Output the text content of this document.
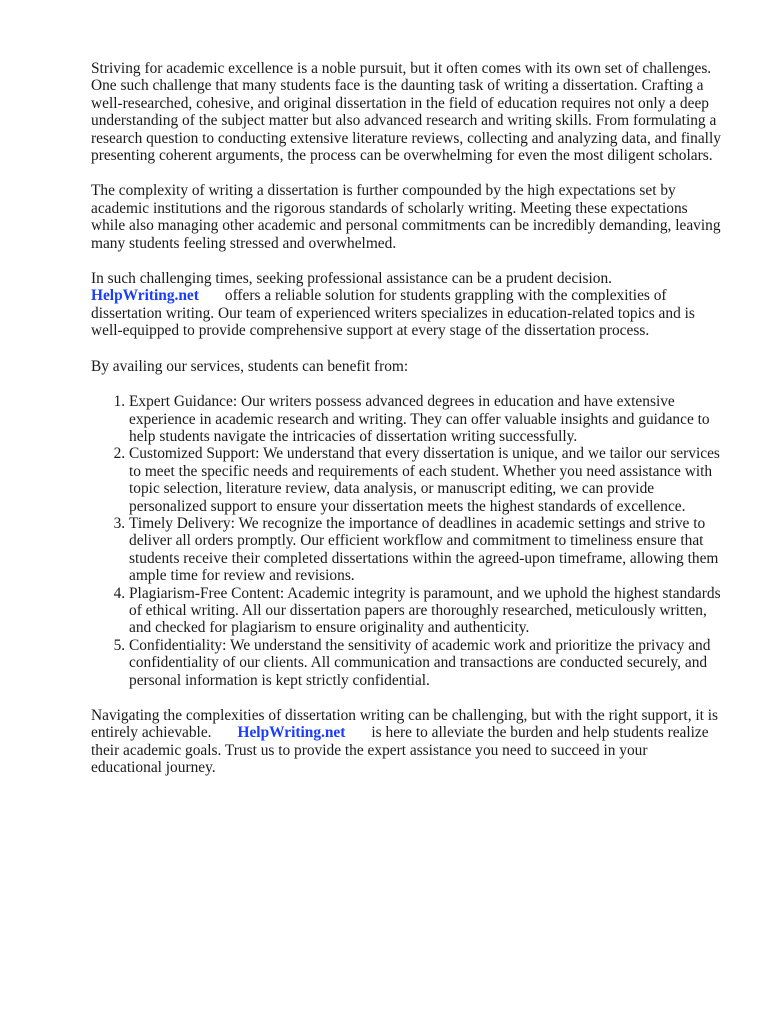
Striving for academic excellence is a noble pursuit, but it often comes with its own set of challenges. One such challenge that many students face is the daunting task of writing a dissertation. Crafting a well-researched, cohesive, and original dissertation in the field of education requires not only a deep understanding of the subject matter but also advanced research and writing skills. From formulating a research question to conducting extensive literature reviews, collecting and analyzing data, and finally presenting coherent arguments, the process can be overwhelming for even the most diligent scholars.

The complexity of writing a dissertation is further compounded by the high expectations set by academic institutions and the rigorous standards of scholarly writing. Meeting these expectations while also managing other academic and personal commitments can be incredibly demanding, leaving many students feeling stressed and overwhelmed.

In such challenging times, seeking professional assistance can be a prudent decision.
HelpWriting.net offers a reliable solution for students grappling with the complexities of dissertation writing. Our team of experienced writers specializes in education-related topics and is well-equipped to provide comprehensive support at every stage of the dissertation process.

By availing our services, students can benefit from:

1. Expert Guidance: Our writers possess advanced degrees in education and have extensive experience in academic research and writing. They can offer valuable insights and guidance to help students navigate the intricacies of dissertation writing successfully.
2. Customized Support: We understand that every dissertation is unique, and we tailor our services to meet the specific needs and requirements of each student. Whether you need assistance with topic selection, literature review, data analysis, or manuscript editing, we can provide personalized support to ensure your dissertation meets the highest standards of excellence.
3. Timely Delivery: We recognize the importance of deadlines in academic settings and strive to deliver all orders promptly. Our efficient workflow and commitment to timeliness ensure that students receive their completed dissertations within the agreed-upon timeframe, allowing them ample time for review and revisions.
4. Plagiarism-Free Content: Academic integrity is paramount, and we uphold the highest standards of ethical writing. All our dissertation papers are thoroughly researched, meticulously written, and checked for plagiarism to ensure originality and authenticity.
5. Confidentiality: We understand the sensitivity of academic work and prioritize the privacy and confidentiality of our clients. All communication and transactions are conducted securely, and personal information is kept strictly confidential.

Navigating the complexities of dissertation writing can be challenging, but with the right support, it is entirely achievable. HelpWriting.net is here to alleviate the burden and help students realize their academic goals. Trust us to provide the expert assistance you need to succeed in your educational journey.
